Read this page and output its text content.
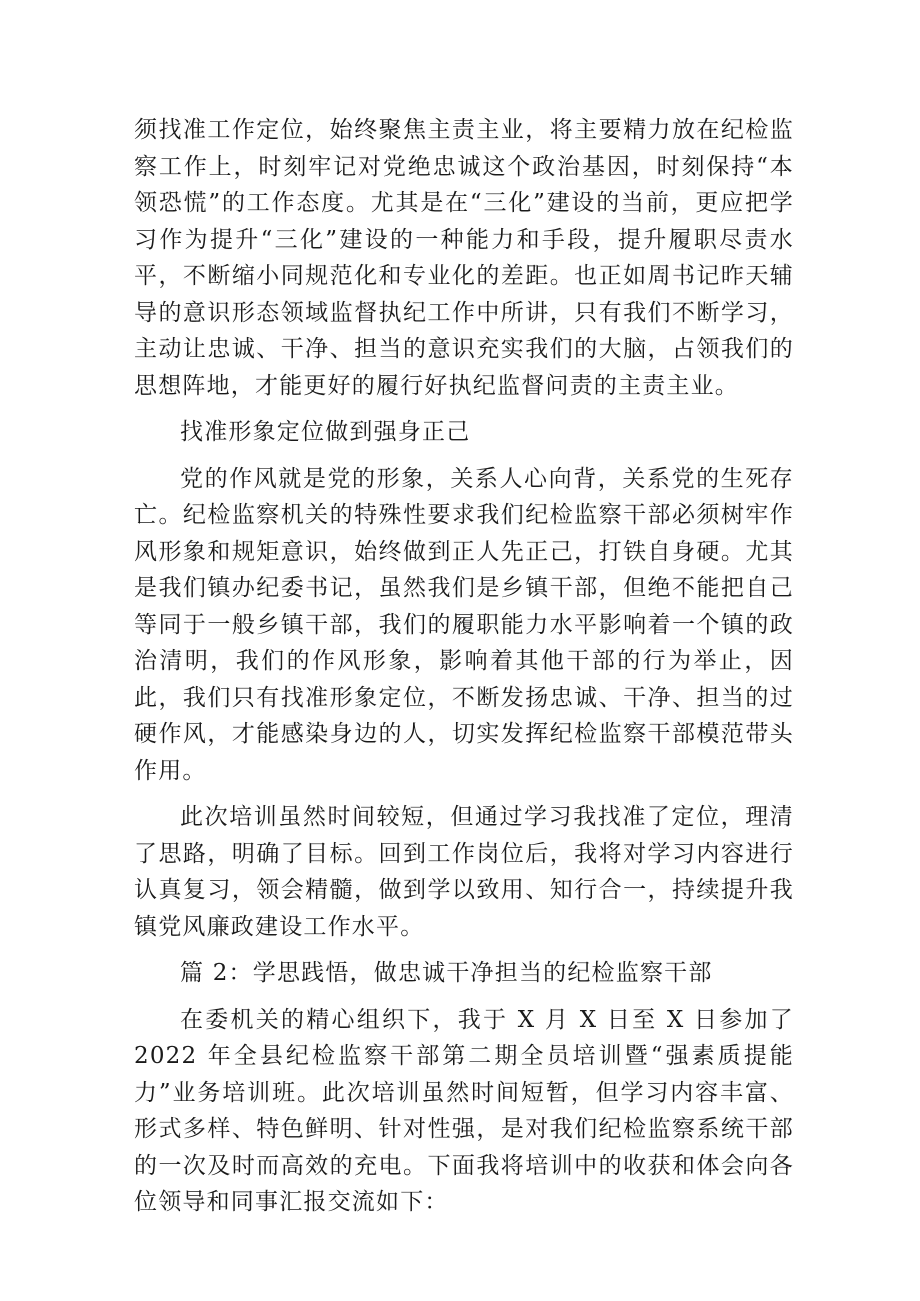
须找准工作定位，始终聚焦主责主业，将主要精力放在纪检监察工作上，时刻牢记对党绝忠诚这个政治基因，时刻保持“本领恐慌”的工作态度。尤其是在“三化”建设的当前，更应把学习作为提升“三化”建设的一种能力和手段，提升履职尽责水平，不断缩小同规范化和专业化的差距。也正如周书记昨天辅导的意识形态领域监督执纪工作中所讲，只有我们不断学习，主动让忠诚、干净、担当的意识充实我们的大脑，占领我们的思想阵地，才能更好的履行好执纪监督问责的主责主业。

找准形象定位做到强身正己

党的作风就是党的形象，关系人心向背，关系党的生死存亡。纪检监察机关的特殊性要求我们纪检监察干部必须树牢作风形象和规矩意识，始终做到正人先正己，打铁自身硬。尤其是我们镇办纪委书记，虽然我们是乡镇干部，但绝不能把自己等同于一般乡镇干部，我们的履职能力水平影响着一个镇的政治清明，我们的作风形象，影响着其他干部的行为举止，因此，我们只有找准形象定位，不断发扬忠诚、干净、担当的过硬作风，才能感染身边的人，切实发挥纪检监察干部模范带头作用。

此次培训虽然时间较短，但通过学习我找准了定位，理清了思路，明确了目标。回到工作岗位后，我将对学习内容进行认真复习，领会精髓，做到学以致用、知行合一，持续提升我镇党风廉政建设工作水平。

篇 2：学思践悟，做忠诚干净担当的纪检监察干部

在委机关的精心组织下，我于 X 月 X 日至 X 日参加了 2022 年全县纪检监察干部第二期全员培训暨“强素质提能力”业务培训班。此次培训虽然时间短暂，但学习内容丰富、形式多样、特色鲜明、针对性强，是对我们纪检监察系统干部的一次及时而高效的充电。下面我将培训中的收获和体会向各位领导和同事汇报交流如下：
